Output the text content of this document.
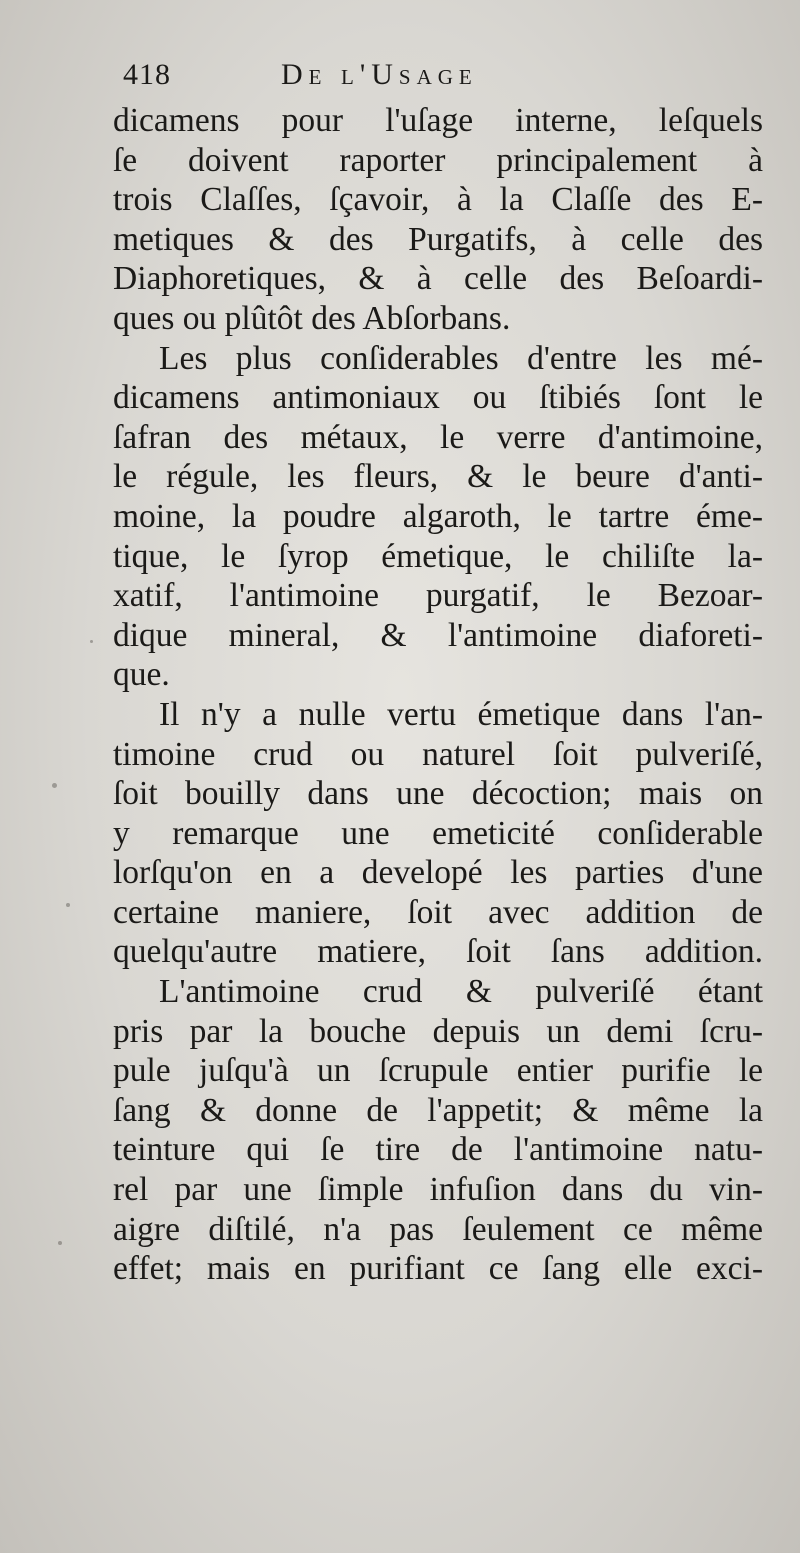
418	De l'Usage
dicamens pour l'uſage interne, leſquels
ſe doivent raporter principalement à
trois Claſſes, ſçavoir, à la Claſſe des E-
metiques & des Purgatifs, à celle des
Diaphoretiques, & à celle des Beſoardi-
ques ou plûtôt des Abſorbans.
Les plus conſiderables d'entre les mé-
dicamens antimoniaux ou ſtibiés ſont le
ſafran des métaux, le verre d'antimoine,
le régule, les fleurs, & le beure d'anti-
moine, la poudre algaroth, le tartre éme-
tique, le ſyrop émetique, le chiliſte la-
xatif, l'antimoine purgatif, le Bezoar-
dique mineral, & l'antimoine diaforeti-
que.
Il n'y a nulle vertu émetique dans l'an-
timoine crud ou naturel ſoit pulveriſé,
ſoit bouilly dans une décoction; mais on
y remarque une emeticité conſiderable
lorſqu'on en a developé les parties d'une
certaine maniere, ſoit avec addition de
quelqu'autre matiere, ſoit ſans addition.
L'antimoine crud & pulveriſé étant
pris par la bouche depuis un demi ſcru-
pule juſqu'à un ſcrupule entier purifie le
ſang & donne de l'appetit; & même la
teinture qui ſe tire de l'antimoine natu-
rel par une ſimple infuſion dans du vin-
aigre diſtilé, n'a pas ſeulement ce même
effet; mais en purifiant ce ſang elle exci-
